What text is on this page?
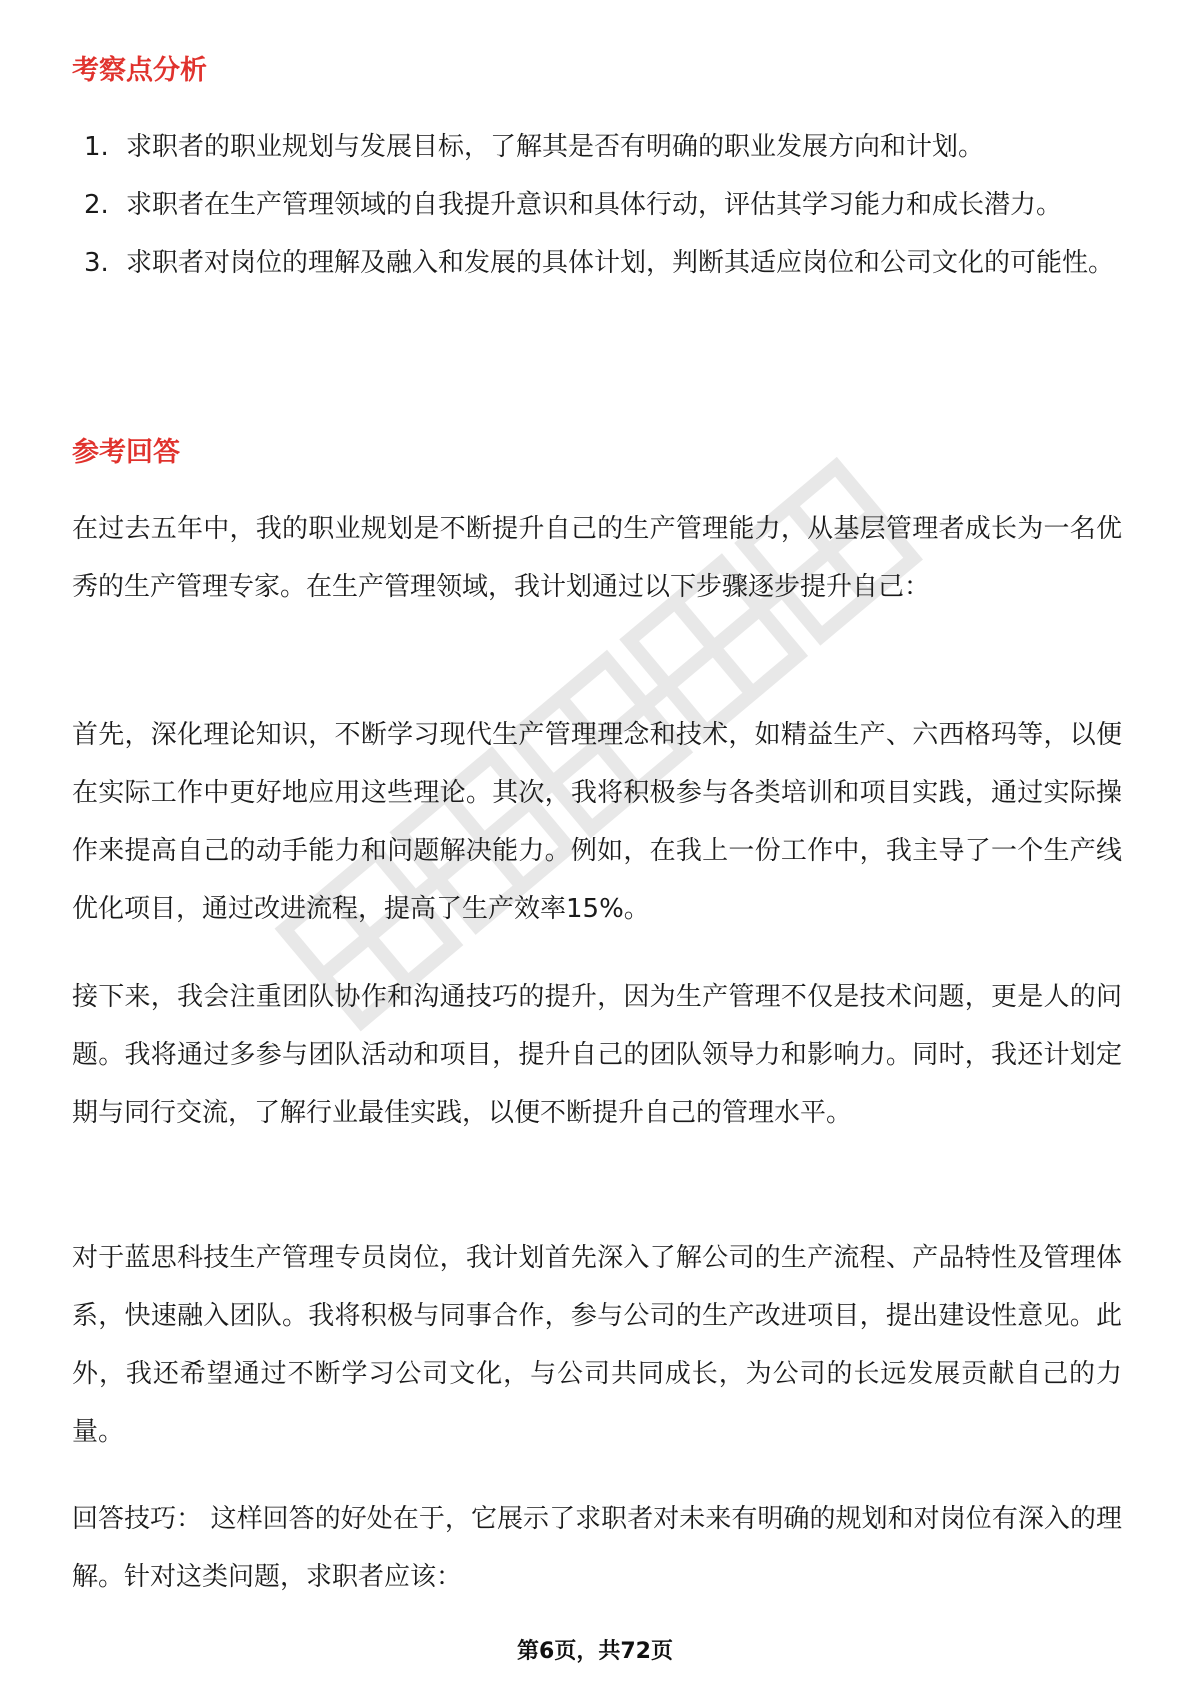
考察点分析
1. 求职者的职业规划与发展目标，了解其是否有明确的职业发展方向和计划。
2. 求职者在生产管理领域的自我提升意识和具体行动，评估其学习能力和成长潜力。
3. 求职者对岗位的理解及融入和发展的具体计划，判断其适应岗位和公司文化的可能性。
参考回答

在过去五年中，我的职业规划是不断提升自己的生产管理能力，从基层管理者成长为一名优秀的生产管理专家。在生产管理领域，我计划通过以下步骤逐步提升自己：

首先，深化理论知识，不断学习现代生产管理理念和技术，如精益生产、六西格玛等，以便在实际工作中更好地应用这些理论。其次，我将积极参与各类培训和项目实践，通过实际操作来提高自己的动手能力和问题解决能力。例如，在我上一份工作中，我主导了一个生产线优化项目，通过改进流程，提高了生产效率15%。

接下来，我会注重团队协作和沟通技巧的提升，因为生产管理不仅是技术问题，更是人的问题。我将通过多参与团队活动和项目，提升自己的团队领导力和影响力。同时，我还计划定期与同行交流，了解行业最佳实践，以便不断提升自己的管理水平。

对于蓝思科技生产管理专员岗位，我计划首先深入了解公司的生产流程、产品特性及管理体系，快速融入团队。我将积极与同事合作，参与公司的生产改进项目，提出建设性意见。此外，我还希望通过不断学习公司文化，与公司共同成长，为公司的长远发展贡献自己的力量。

回答技巧： 这样回答的好处在于，它展示了求职者对未来有明确的规划和对岗位有深入的理解。针对这类问题，求职者应该：

第6页，共72页
